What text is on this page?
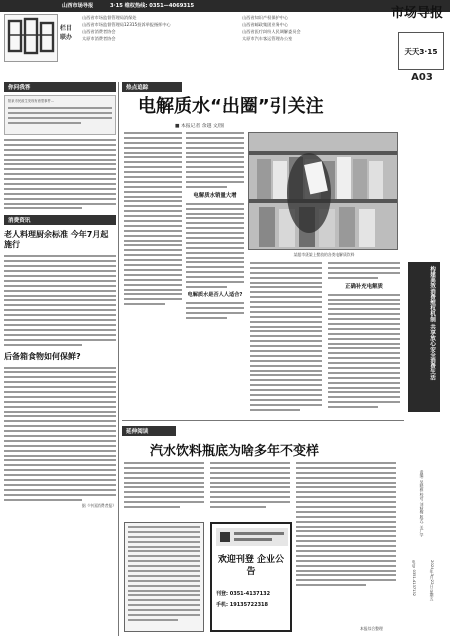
山西市场导报	3·15 维权热线: 0351—4069315
栏目 联办
山西省市场监督管理局消保处
山西省市场监督管理局12315投诉举报指挥中心
山西省消费者协会
太原市消费者协会
山西省知识产权保护中心
山西省邮政集团业务中心
山西省医疗纠纷人民调解委员会
太原市汽车客运管理办公室
市场导报
天天3·15
A03
构建高效消费维权机制 共享放心安全消费生活
责编: 吴晓雅 校对: 刘秋梅 版式: 关广学
2024年3月22日 星期五
电话: 0351-4137132
你问我答
阳泉市民政生发现有意思事件...
消费资讯
老人料理厨余标准 今年7月起施行
后备箱食物如何保鲜?
据《中国消费者报》
热点追踪
电解质水“出圈”引关注
■ 本报记者 余越 文/图
电解质水销量大增
电解质水是否人人适合?
某超市货架上摆放的各类电解质饮料
正确补充电解质
延伸阅读
汽水饮料瓶底为啥多年不变样
欢迎刊登 企业公告
刊登: 0351-4137132
手机: 19135722318
本报综合整理
